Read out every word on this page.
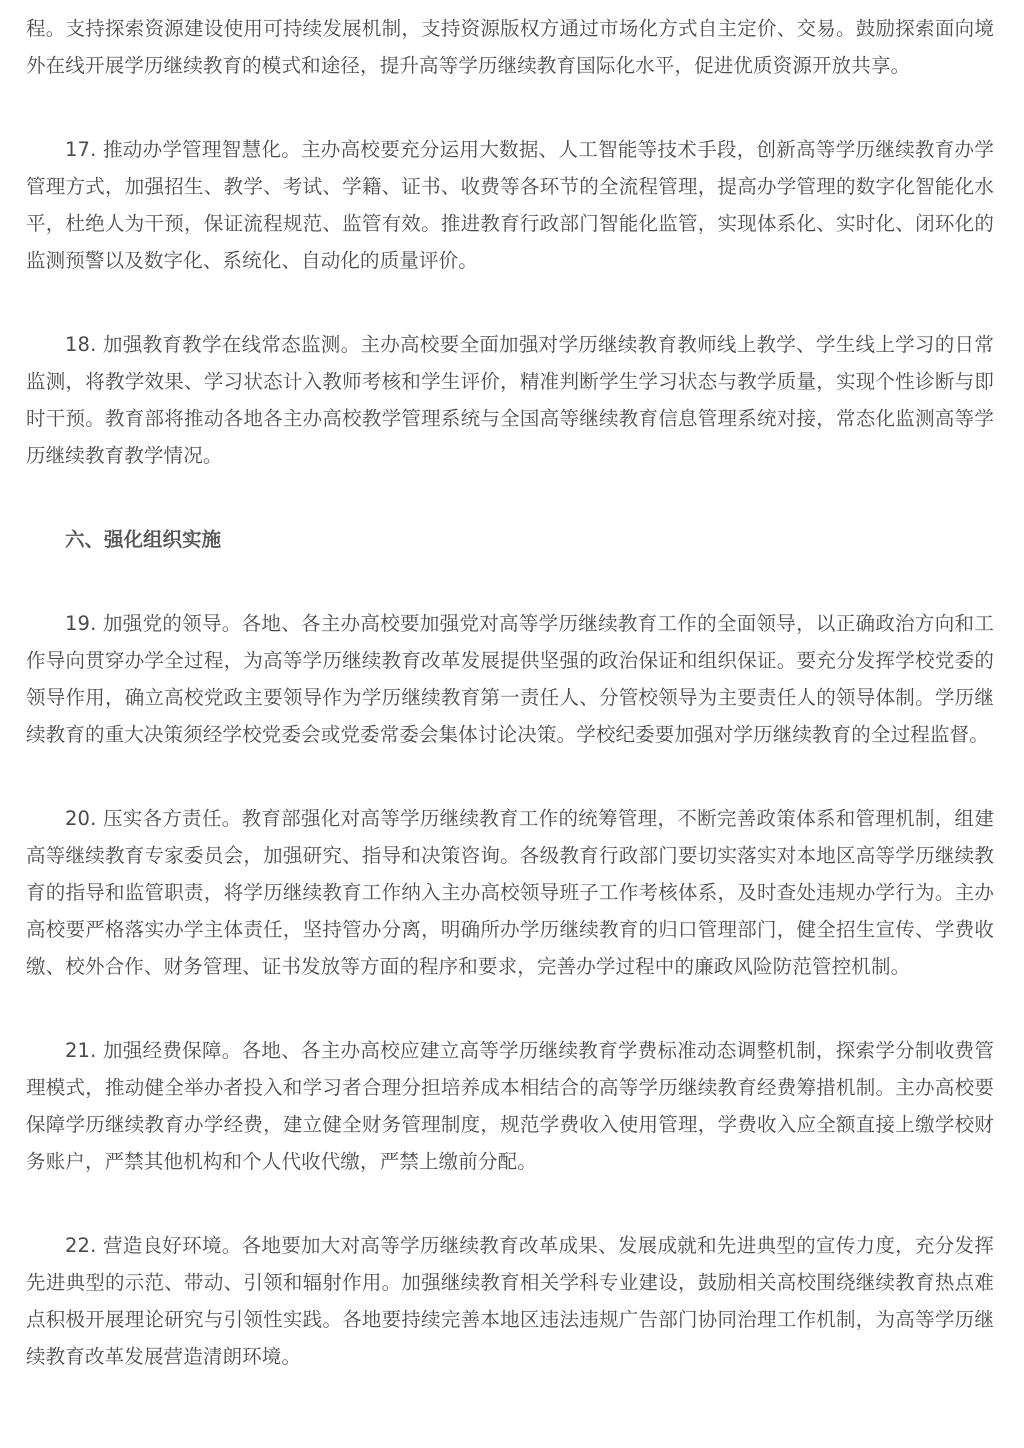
程。支持探索资源建设使用可持续发展机制，支持资源版权方通过市场化方式自主定价、交易。鼓励探索面向境外在线开展学历继续教育的模式和途径，提升高等学历继续教育国际化水平，促进优质资源开放共享。

17. 推动办学管理智慧化。主办高校要充分运用大数据、人工智能等技术手段，创新高等学历继续教育办学管理方式，加强招生、教学、考试、学籍、证书、收费等各环节的全流程管理，提高办学管理的数字化智能化水平，杜绝人为干预，保证流程规范、监管有效。推进教育行政部门智能化监管，实现体系化、实时化、闭环化的监测预警以及数字化、系统化、自动化的质量评价。

18. 加强教育教学在线常态监测。主办高校要全面加强对学历继续教育教师线上教学、学生线上学习的日常监测，将教学效果、学习状态计入教师考核和学生评价，精准判断学生学习状态与教学质量，实现个性诊断与即时干预。教育部将推动各地各主办高校教学管理系统与全国高等继续教育信息管理系统对接，常态化监测高等学历继续教育教学情况。

六、强化组织实施

19. 加强党的领导。各地、各主办高校要加强党对高等学历继续教育工作的全面领导，以正确政治方向和工作导向贯穿办学全过程，为高等学历继续教育改革发展提供坚强的政治保证和组织保证。要充分发挥学校党委的领导作用，确立高校党政主要领导作为学历继续教育第一责任人、分管校领导为主要责任人的领导体制。学历继续教育的重大决策须经学校党委会或党委常委会集体讨论决策。学校纪委要加强对学历继续教育的全过程监督。

20. 压实各方责任。教育部强化对高等学历继续教育工作的统筹管理，不断完善政策体系和管理机制，组建高等继续教育专家委员会，加强研究、指导和决策咨询。各级教育行政部门要切实落实对本地区高等学历继续教育的指导和监管职责，将学历继续教育工作纳入主办高校领导班子工作考核体系，及时查处违规办学行为。主办高校要严格落实办学主体责任，坚持管办分离，明确所办学历继续教育的归口管理部门，健全招生宣传、学费收缴、校外合作、财务管理、证书发放等方面的程序和要求，完善办学过程中的廉政风险防范管控机制。

21. 加强经费保障。各地、各主办高校应建立高等学历继续教育学费标准动态调整机制，探索学分制收费管理模式，推动健全举办者投入和学习者合理分担培养成本相结合的高等学历继续教育经费筹措机制。主办高校要保障学历继续教育办学经费，建立健全财务管理制度，规范学费收入使用管理，学费收入应全额直接上缴学校财务账户，严禁其他机构和个人代收代缴，严禁上缴前分配。

22. 营造良好环境。各地要加大对高等学历继续教育改革成果、发展成就和先进典型的宣传力度，充分发挥先进典型的示范、带动、引领和辐射作用。加强继续教育相关学科专业建设，鼓励相关高校围绕继续教育热点难点积极开展理论研究与引领性实践。各地要持续完善本地区违法违规广告部门协同治理工作机制，为高等学历继续教育改革发展营造清朗环境。
